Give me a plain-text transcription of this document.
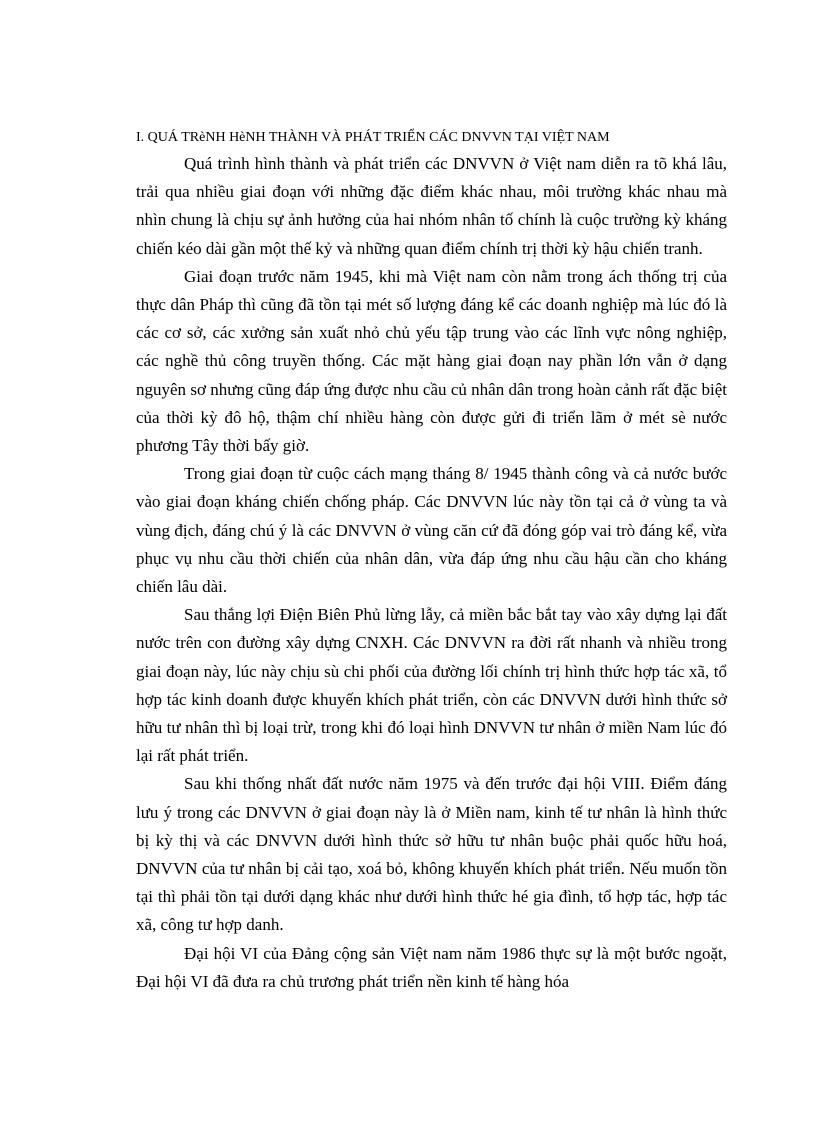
I. QUÁ TRèNH HèNH THÀNH VÀ PHÁT TRIỂN CÁC DNVVN TẠI VIỆT NAM

Quá trình hình thành và phát triển các DNVVN ở Việt nam diễn ra tõ khá lâu, trải qua nhiều giai đoạn với những đặc điểm khác nhau, môi trường khác nhau mà nhìn chung là chịu sự ảnh hưởng của hai nhóm nhân tố chính là cuộc trường kỳ kháng chiến kéo dài gần một thế kỷ và những quan điểm chính trị thời kỳ hậu chiến tranh.

Giai đoạn trước năm 1945, khi mà Việt nam còn nằm trong ách thống trị của thực dân Pháp thì cũng đã tồn tại mét số lượng đáng kể các doanh nghiệp mà lúc đó là các cơ sở, các xưởng sản xuất nhỏ chủ yếu tập trung vào các lĩnh vực nông nghiệp, các nghề thủ công truyền thống. Các mặt hàng giai đoạn nay phần lớn vẫn ở dạng nguyên sơ nhưng cũng đáp ứng được nhu cầu củ nhân dân trong hoàn cảnh rất đặc biệt của thời kỳ đô hộ, thậm chí nhiều hàng còn được gửi đi triển lãm ở mét sè nước phương Tây thời bấy giờ.

Trong giai đoạn từ cuộc cách mạng tháng 8/ 1945 thành công và cả nước bước vào giai đoạn kháng chiến chống pháp. Các DNVVN lúc này tồn tại cả ở vùng ta và vùng địch, đáng chú ý là các DNVVN ở vùng căn cứ đã đóng góp vai trò đáng kể, vừa phục vụ nhu cầu thời chiến của nhân dân, vừa đáp ứng nhu cầu hậu cần cho kháng chiến lâu dài.

Sau thắng lợi Điện Biên Phủ lừng lẫy, cả miền bắc bắt tay vào xây dựng lại đất nước trên con đường xây dựng CNXH. Các DNVVN ra đời rất nhanh và nhiều trong giai đoạn này, lúc này chịu sù chi phối của đường lối chính trị hình thức hợp tác xã, tổ hợp tác kinh doanh được khuyến khích phát triển, còn các DNVVN dưới hình thức sở hữu tư nhân thì bị loại trừ, trong khi đó loại hình DNVVN tư nhân ở miền Nam lúc đó lại rất phát triển.

Sau khi thống nhất đất nước năm 1975 và đến trước đại hội VIII. Điểm đáng lưu ý trong các DNVVN ở giai đoạn này là ở Miền nam, kinh tế tư nhân là hình thức bị kỳ thị và các DNVVN dưới hình thức sở hữu tư nhân buộc phải quốc hữu hoá, DNVVN của tư nhân bị cải tạo, xoá bỏ, không khuyến khích phát triển. Nếu muốn tồn tại thì phải tồn tại dưới dạng khác như dưới hình thức hé gia đình, tổ hợp tác, hợp tác xã, công tư hợp danh.

Đại hội VI của Đảng cộng sản Việt nam năm 1986 thực sự là một bước ngoặt, Đại hội VI đã đưa ra chủ trương phát triển nền kinh tế hàng hóa
